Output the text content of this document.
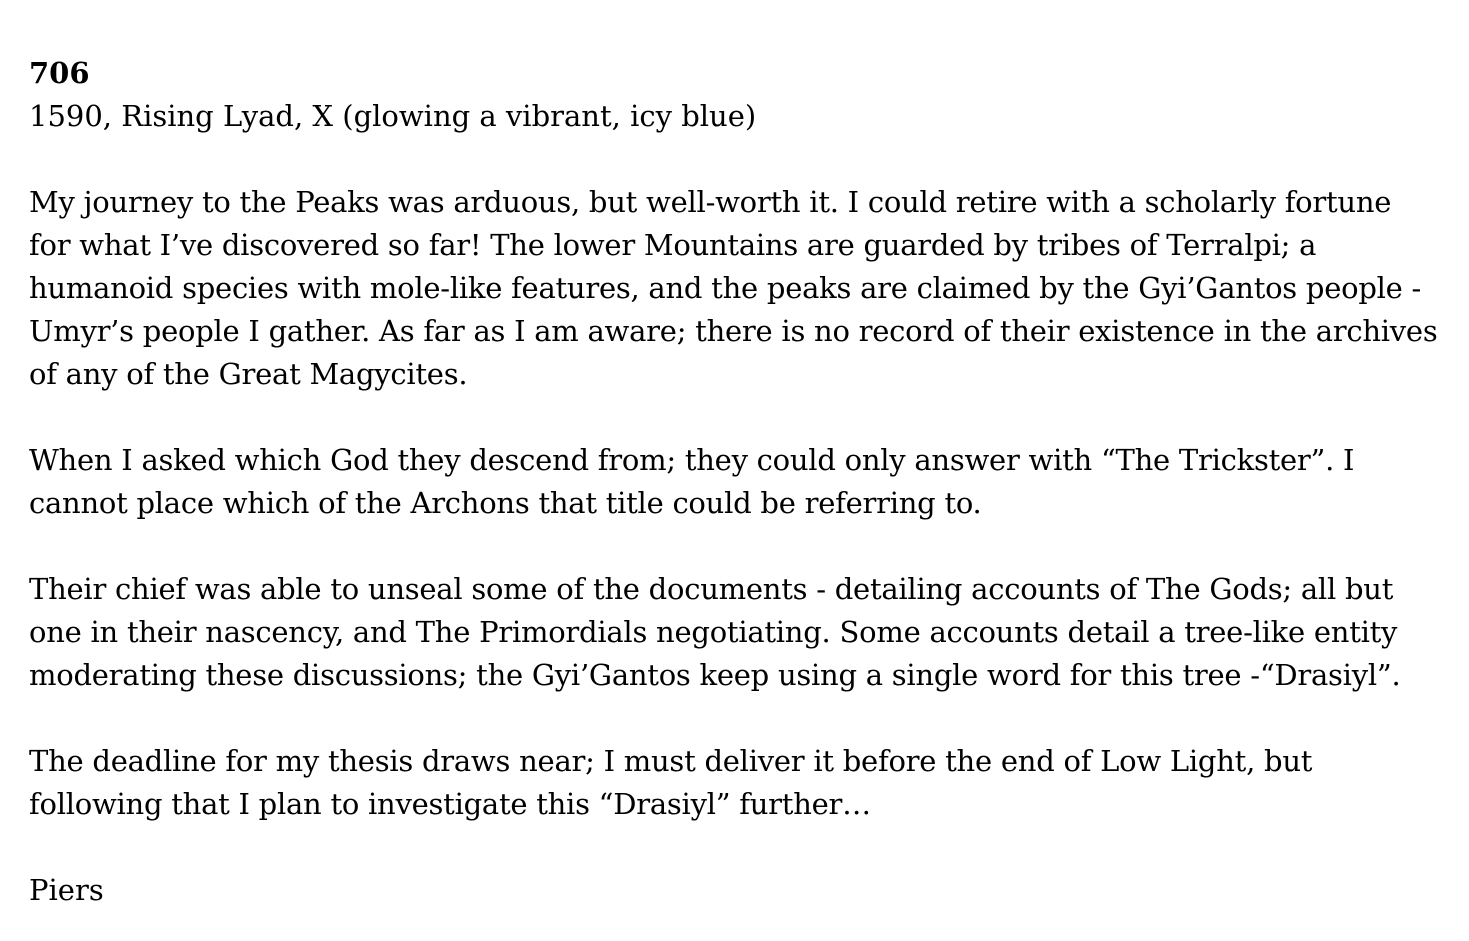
706
1590, Rising Lyad, X (glowing a vibrant, icy blue)

My journey to the Peaks was arduous, but well-worth it. I could retire with a scholarly fortune for what I’ve discovered so far! The lower Mountains are guarded by tribes of Terralpi; a humanoid species with mole-like features, and the peaks are claimed by the Gyi’Gantos people - Umyr’s people I gather. As far as I am aware; there is no record of their existence in the archives of any of the Great Magycites.

When I asked which God they descend from; they could only answer with “The Trickster”. I cannot place which of the Archons that title could be referring to.

Their chief was able to unseal some of the documents - detailing accounts of The Gods; all but one in their nascency, and The Primordials negotiating. Some accounts detail a tree-like entity moderating these discussions; the Gyi’Gantos keep using a single word for this tree -“Drasiyl”.

The deadline for my thesis draws near; I must deliver it before the end of Low Light, but following that I plan to investigate this “Drasiyl” further…

Piers
